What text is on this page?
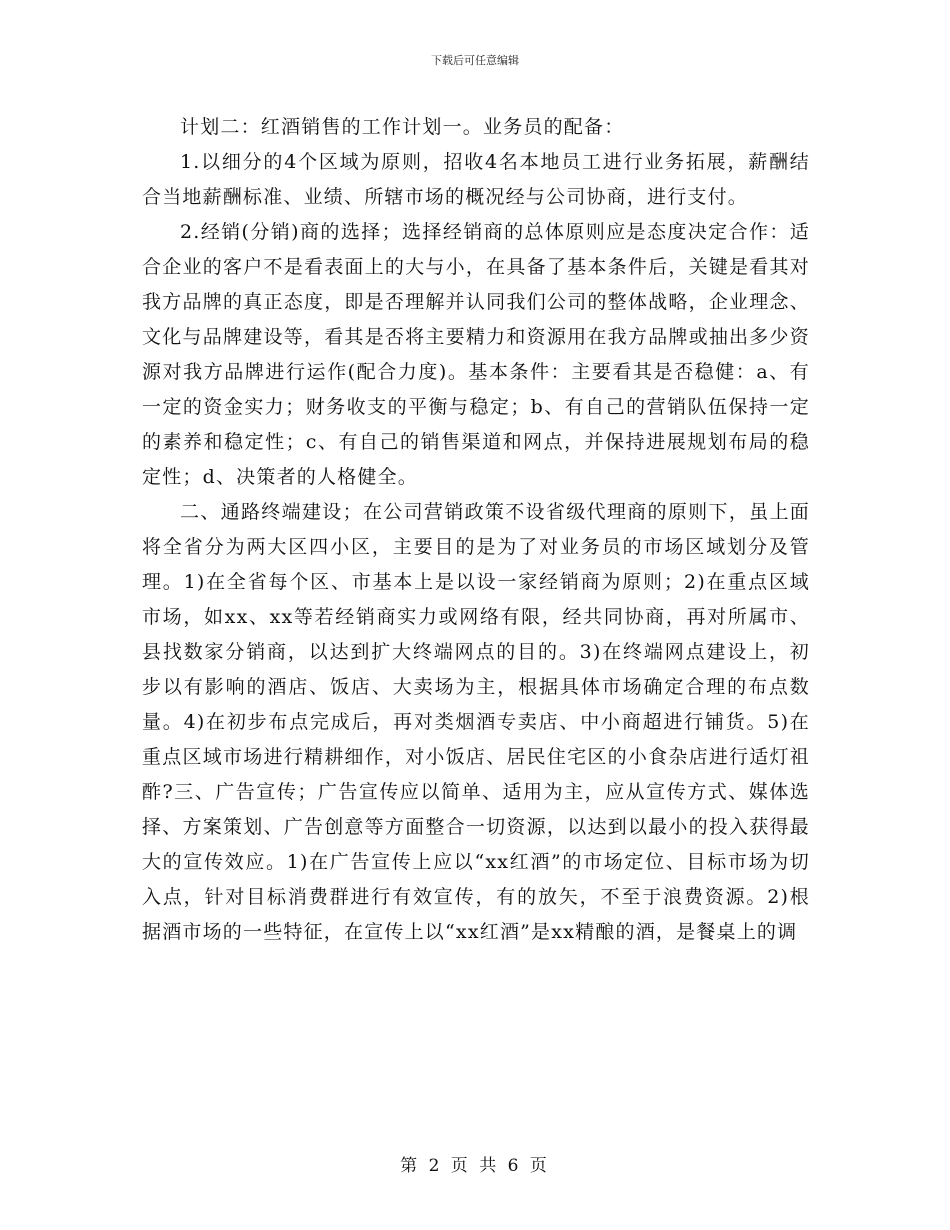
下载后可任意编辑

计划二：红酒销售的工作计划一。业务员的配备：

1.以细分的4个区域为原则，招收4名本地员工进行业务拓展，薪酬结合当地薪酬标准、业绩、所辖市场的概况经与公司协商，进行支付。

2.经销(分销)商的选择；选择经销商的总体原则应是态度决定合作：适合企业的客户不是看表面上的大与小，在具备了基本条件后，关键是看其对我方品牌的真正态度，即是否理解并认同我们公司的整体战略，企业理念、文化与品牌建设等，看其是否将主要精力和资源用在我方品牌或抽出多少资源对我方品牌进行运作(配合力度)。基本条件：主要看其是否稳健：a、有一定的资金实力；财务收支的平衡与稳定；b、有自己的营销队伍保持一定的素养和稳定性；c、有自己的销售渠道和网点，并保持进展规划布局的稳定性；d、决策者的人格健全。

二、通路终端建设；在公司营销政策不设省级代理商的原则下，虽上面将全省分为两大区四小区，主要目的是为了对业务员的市场区域划分及管理。1)在全省每个区、市基本上是以设一家经销商为原则；2)在重点区域市场，如xx、xx等若经销商实力或网络有限，经共同协商，再对所属市、县找数家分销商，以达到扩大终端网点的目的。3)在终端网点建设上，初步以有影响的酒店、饭店、大卖场为主，根据具体市场确定合理的布点数量。4)在初步布点完成后，再对类烟酒专卖店、中小商超进行铺货。5)在重点区域市场进行精耕细作，对小饭店、居民住宅区的小食杂店进行适灯祖酢?三、广告宣传；广告宣传应以简单、适用为主，应从宣传方式、媒体选择、方案策划、广告创意等方面整合一切资源，以达到以最小的投入获得最大的宣传效应。1)在广告宣传上应以“xx红酒”的市场定位、目标市场为切入点，针对目标消费群进行有效宣传，有的放矢，不至于浪费资源。2)根据酒市场的一些特征，在宣传上以“xx红酒”是xx精酿的酒，是餐桌上的调

第 2 页 共 6 页
